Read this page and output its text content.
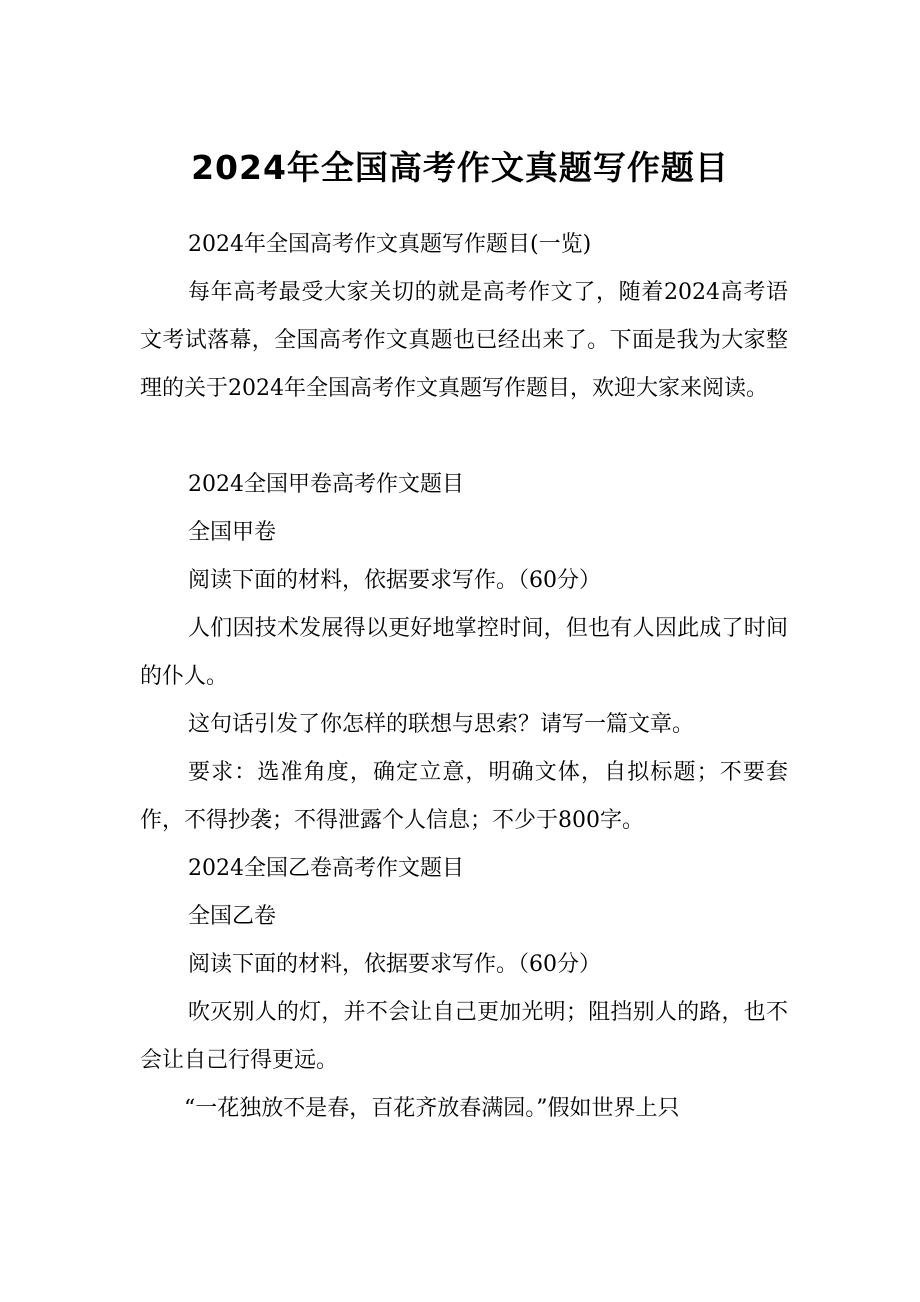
2024年全国高考作文真题写作题目

2024年全国高考作文真题写作题目(一览)

每年高考最受大家关切的就是高考作文了，随着2024高考语文考试落幕，全国高考作文真题也已经出来了。下面是我为大家整理的关于2024年全国高考作文真题写作题目，欢迎大家来阅读。

2024全国甲卷高考作文题目

全国甲卷

阅读下面的材料，依据要求写作。（60分）

人们因技术发展得以更好地掌控时间，但也有人因此成了时间的仆人。

这句话引发了你怎样的联想与思索？请写一篇文章。

要求：选准角度，确定立意，明确文体，自拟标题；不要套作，不得抄袭；不得泄露个人信息；不少于800字。

2024全国乙卷高考作文题目

全国乙卷

阅读下面的材料，依据要求写作。（60分）

吹灭别人的灯，并不会让自己更加光明；阻挡别人的路，也不会让自己行得更远。

“一花独放不是春，百花齐放春满园。”假如世界上只
